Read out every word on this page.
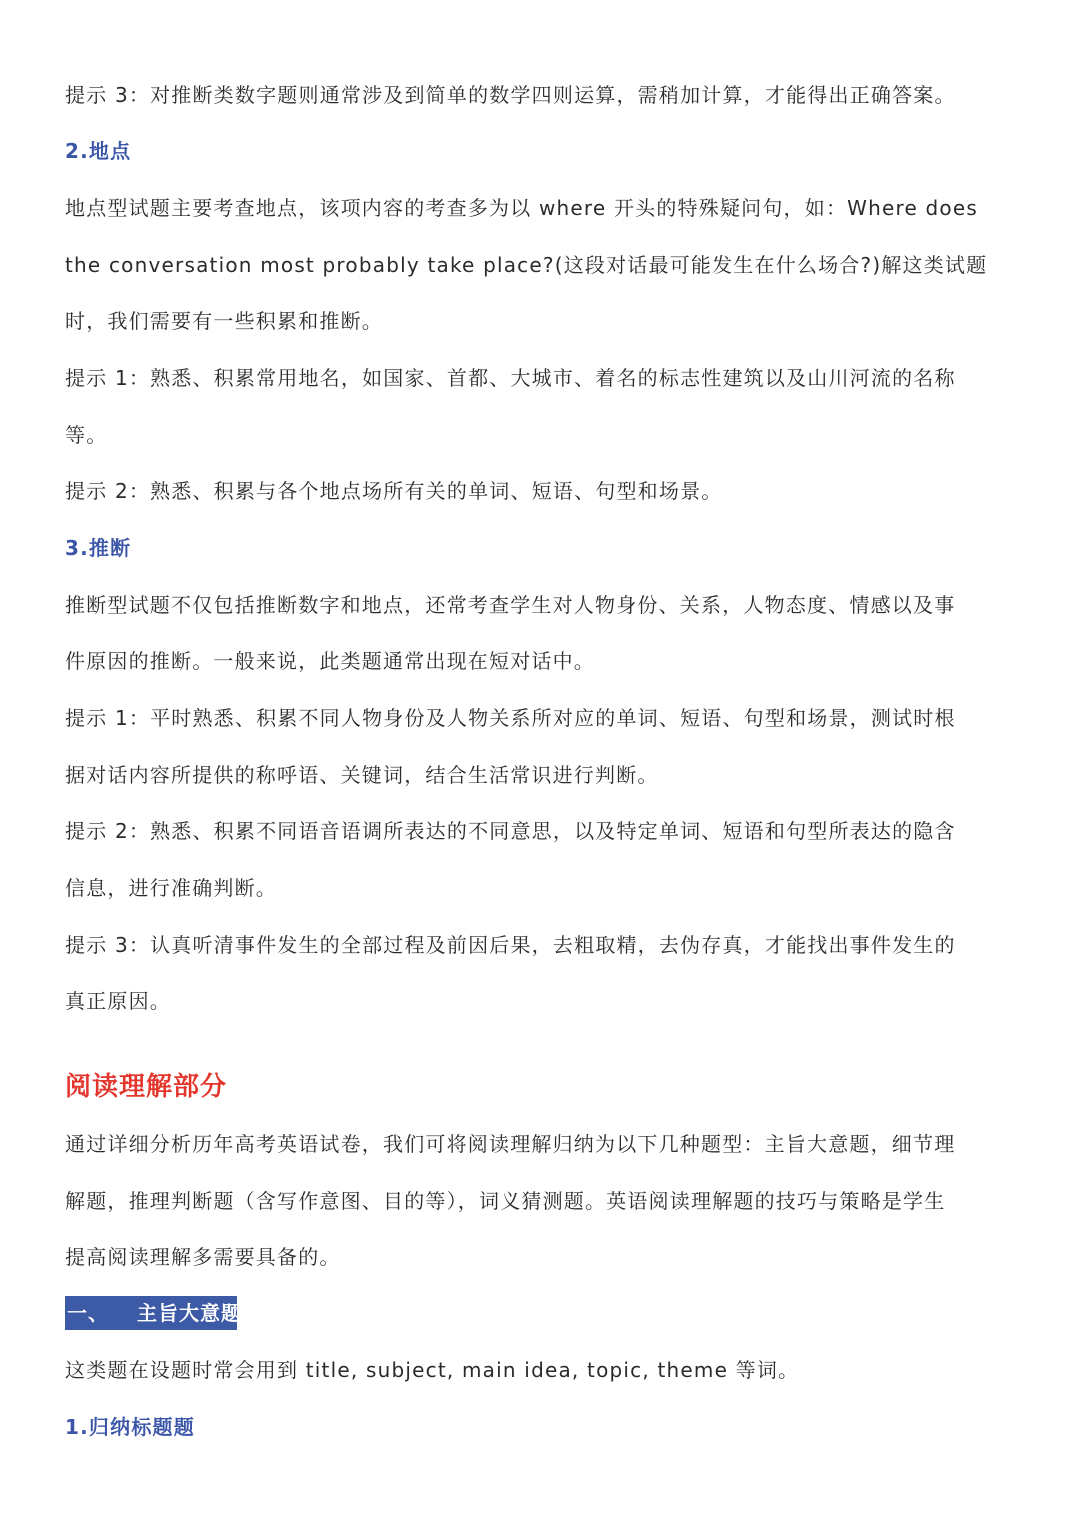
提示 3：对推断类数字题则通常涉及到简单的数学四则运算，需稍加计算，才能得出正确答案。
2.地点
地点型试题主要考查地点，该项内容的考查多为以 where 开头的特殊疑问句，如：Where does
the conversation most probably take place?(这段对话最可能发生在什么场合?)解这类试题
时，我们需要有一些积累和推断。
提示 1：熟悉、积累常用地名，如国家、首都、大城市、着名的标志性建筑以及山川河流的名称
等。
提示 2：熟悉、积累与各个地点场所有关的单词、短语、句型和场景。
3.推断
推断型试题不仅包括推断数字和地点，还常考查学生对人物身份、关系，人物态度、情感以及事
件原因的推断。一般来说，此类题通常出现在短对话中。
提示 1：平时熟悉、积累不同人物身份及人物关系所对应的单词、短语、句型和场景，测试时根
据对话内容所提供的称呼语、关键词，结合生活常识进行判断。
提示 2：熟悉、积累不同语音语调所表达的不同意思，以及特定单词、短语和句型所表达的隐含
信息，进行准确判断。
提示 3：认真听清事件发生的全部过程及前因后果，去粗取精，去伪存真，才能找出事件发生的
真正原因。
阅读理解部分
通过详细分析历年高考英语试卷，我们可将阅读理解归纳为以下几种题型：主旨大意题，细节理
解题，推理判断题（含写作意图、目的等），词义猜测题。英语阅读理解题的技巧与策略是学生
提高阅读理解多需要具备的。
一、 主旨大意题
这类题在设题时常会用到 title, subject, main idea, topic, theme 等词。
1.归纳标题题
